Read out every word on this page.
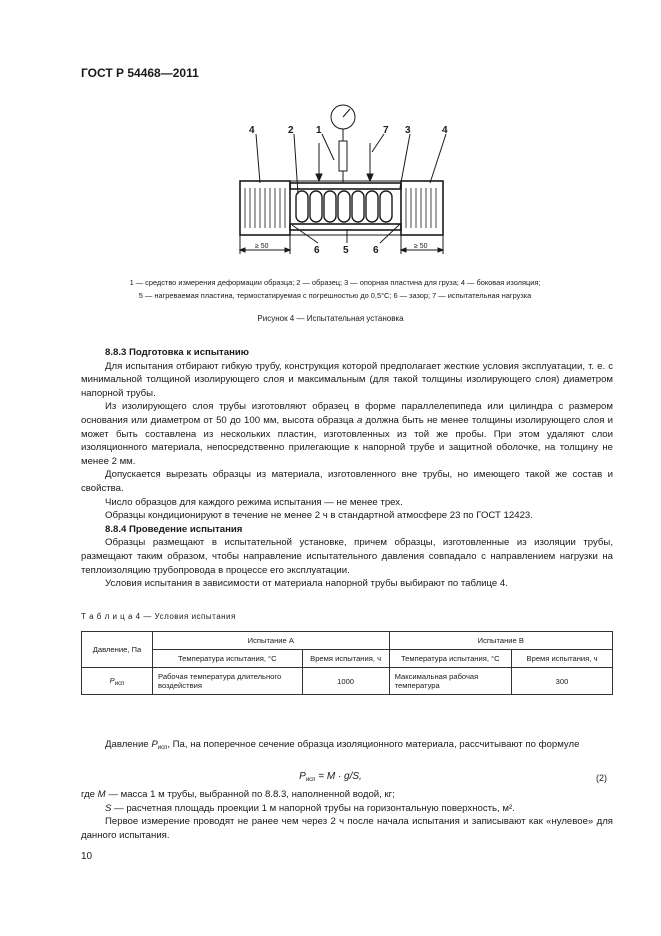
ГОСТ Р 54468—2011
4	2 1	7 3	4
6 5 6
≥ 50	≥ 50
1 — средство измерения деформации образца; 2 — образец; 3 — опорная пластина для груза; 4 — боковая изоляция;
5 — нагреваемая пластина, термостатируемая с погрешностью до 0,5°С; 6 — зазор; 7 — испытательная нагрузка
Рисунок 4 — Испытательная установка

8.8.3 Подготовка к испытанию

Для испытания отбирают гибкую трубу, конструкция которой предполагает жесткие условия эксплуатации, т. е. с минимальной толщиной изолирующего слоя и максимальным (для такой толщины изолирующего слоя) диаметром напорной трубы.

Из изолирующего слоя трубы изготовляют образец в форме параллелепипеда или цилиндра с размером основания или диаметром от 50 до 100 мм, высота образца a должна быть не менее толщины изолирующего слоя и может быть составлена из нескольких пластин, изготовленных из той же пробы. При этом удаляют слои изоляционного материала, непосредственно прилегающие к напорной трубе и защитной оболочке, на толщину не менее 2 мм.

Допускается вырезать образцы из материала, изготовленного вне трубы, но имеющего такой же состав и свойства.

Число образцов для каждого режима испытания — не менее трех.

Образцы кондиционируют в течение не менее 2 ч в стандартной атмосфере 23 по ГОСТ 12423.

8.8.4 Проведение испытания

Образцы размещают в испытательной установке, причем образцы, изготовленные из изоляции трубы, размещают таким образом, чтобы направление испытательного давления совпадало с направлением нагрузки на теплоизоляцию трубопровода в процессе его эксплуатации.

Условия испытания в зависимости от материала напорной трубы выбирают по таблице 4.

Т а б л и ц а 4 — Условия испытания
Давление, Па	Испытание А		Испытание В	
	Температура испытания, °С	Время испытания, ч	Температура испытания, °С	Время испытания, ч
$P_{исп}$	Рабочая температура длительного воздействия	1000	Максимальная рабочая температура	300

Давление $P_{исп}$, Па, на поперечное сечение образца изоляционного материала, рассчитывают по формуле

$P_{исп} = M \cdot g/S$,	(2)

где M — масса 1 м трубы, выбранной по 8.8.3, наполненной водой, кг;

S — расчетная площадь проекции 1 м напорной трубы на горизонтальную поверхность, м².

Первое измерение проводят не ранее чем через 2 ч после начала испытания и записывают как «нулевое» для данного испытания.

10
